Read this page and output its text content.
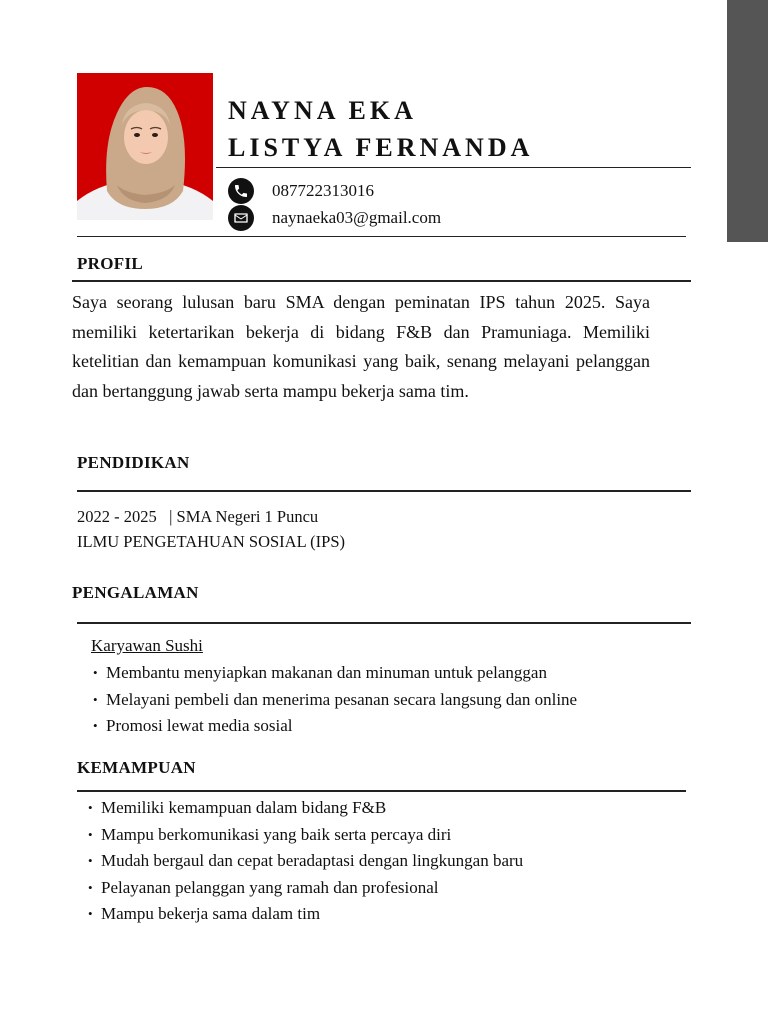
NAYNA EKA
LISTYA FERNANDA
087722313016
naynaeka03@gmail.com
PROFIL
Saya seorang lulusan baru SMA dengan peminatan IPS tahun 2025. Saya memiliki ketertarikan bekerja di bidang F&B dan Pramuniaga. Memiliki ketelitian dan kemampuan komunikasi yang baik, senang melayani pelanggan dan bertanggung jawab serta mampu bekerja sama tim.
PENDIDIKAN
2022 - 2025 | SMA Negeri 1 Puncu
ILMU PENGETAHUAN SOSIAL (IPS)
PENGALAMAN
Karyawan Sushi
• Membantu menyiapkan makanan dan minuman untuk pelanggan
• Melayani pembeli dan menerima pesanan secara langsung dan online
• Promosi lewat media sosial
KEMAMPUAN
• Memiliki kemampuan dalam bidang F&B
• Mampu berkomunikasi yang baik serta percaya diri
• Mudah bergaul dan cepat beradaptasi dengan lingkungan baru
• Pelayanan pelanggan yang ramah dan profesional
• Mampu bekerja sama dalam tim
